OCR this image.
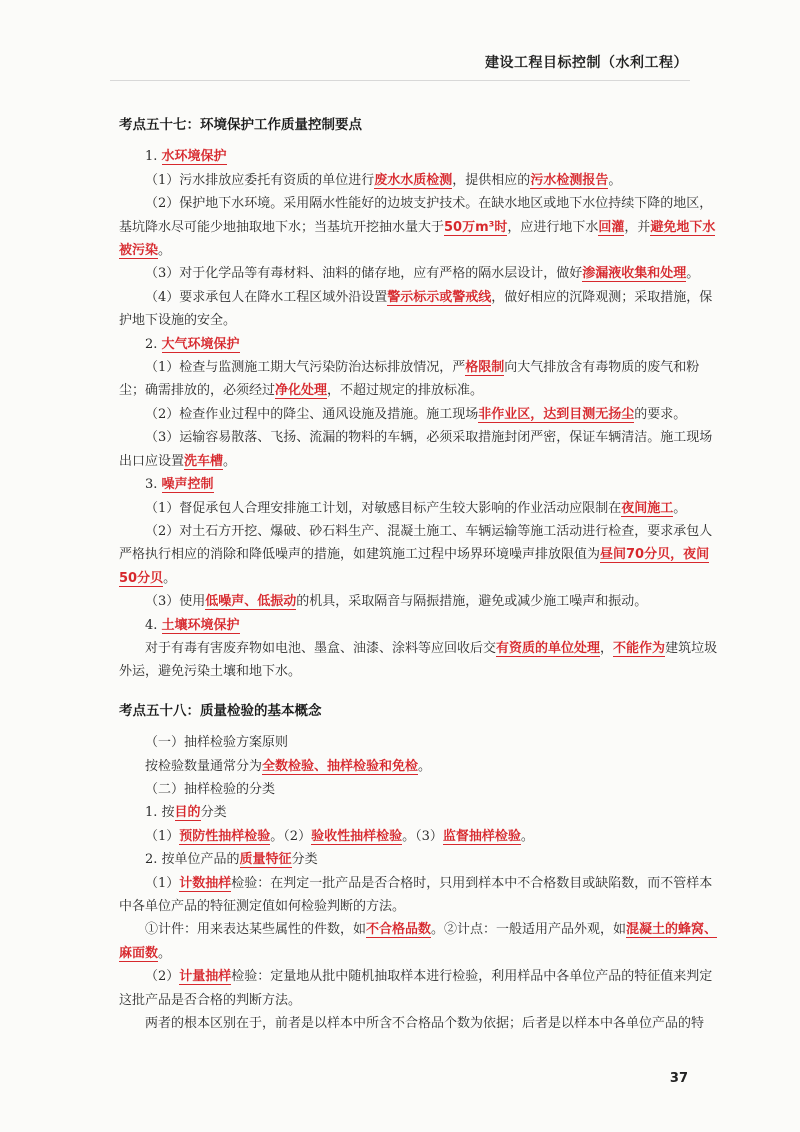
建设工程目标控制（水利工程）

考点五十七：环境保护工作质量控制要点

1. 水环境保护

（1）污水排放应委托有资质的单位进行废水水质检测，提供相应的污水检测报告。

（2）保护地下水环境。采用隔水性能好的边坡支护技术。在缺水地区或地下水位持续下降的地区，基坑降水尽可能少地抽取地下水；当基坑开挖抽水量大于50万m³时，应进行地下水回灌，并避免地下水被污染。

（3）对于化学品等有毒材料、油料的储存地，应有严格的隔水层设计，做好渗漏液收集和处理。

（4）要求承包人在降水工程区域外沿设置警示标示或警戒线，做好相应的沉降观测；采取措施，保护地下设施的安全。

2. 大气环境保护

（1）检查与监测施工期大气污染防治达标排放情况，严格限制向大气排放含有毒物质的废气和粉尘；确需排放的，必须经过净化处理，不超过规定的排放标准。

（2）检查作业过程中的降尘、通风设施及措施。施工现场非作业区，达到目测无扬尘的要求。

（3）运输容易散落、飞扬、流漏的物料的车辆，必须采取措施封闭严密，保证车辆清洁。施工现场出口应设置洗车槽。

3. 噪声控制

（1）督促承包人合理安排施工计划，对敏感目标产生较大影响的作业活动应限制在夜间施工。

（2）对土石方开挖、爆破、砂石料生产、混凝土施工、车辆运输等施工活动进行检查，要求承包人严格执行相应的消除和降低噪声的措施，如建筑施工过程中场界环境噪声排放限值为昼间70分贝，夜间50分贝。

（3）使用低噪声、低振动的机具，采取隔音与隔振措施，避免或减少施工噪声和振动。

4. 土壤环境保护

对于有毒有害废弃物如电池、墨盒、油漆、涂料等应回收后交有资质的单位处理，不能作为建筑垃圾外运，避免污染土壤和地下水。

考点五十八：质量检验的基本概念

（一）抽样检验方案原则

按检验数量通常分为全数检验、抽样检验和免检。

（二）抽样检验的分类

1. 按目的分类

（1）预防性抽样检验。（2）验收性抽样检验。（3）监督抽样检验。

2. 按单位产品的质量特征分类

（1）计数抽样检验：在判定一批产品是否合格时，只用到样本中不合格数目或缺陷数，而不管样本中各单位产品的特征测定值如何检验判断的方法。

①计件：用来表达某些属性的件数，如不合格品数。②计点：一般适用产品外观，如混凝土的蜂窝、麻面数。

（2）计量抽样检验：定量地从批中随机抽取样本进行检验，利用样品中各单位产品的特征值来判定这批产品是否合格的判断方法。

两者的根本区别在于，前者是以样本中所含不合格品个数为依据；后者是以样本中各单位产品的特

37
